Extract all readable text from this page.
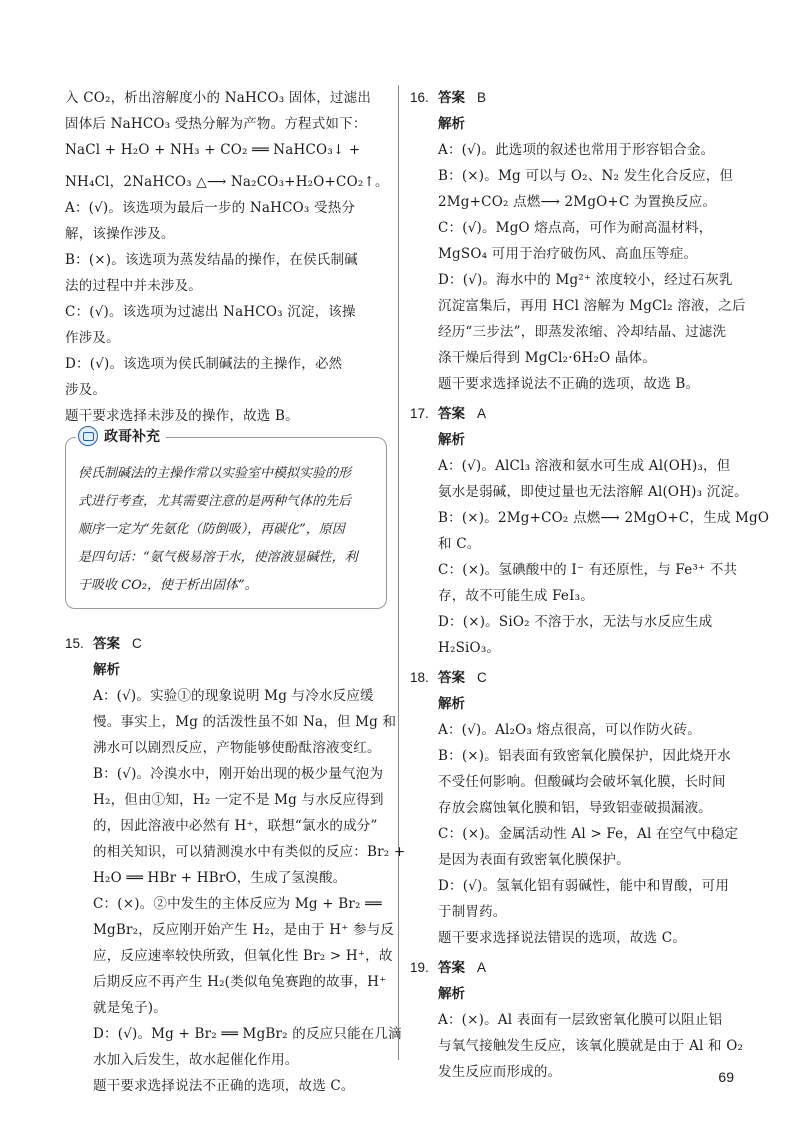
入 CO₂，析出溶解度小的 NaHCO₃ 固体，过滤出
固体后 NaHCO₃ 受热分解为产物。方程式如下：
NaCl + H₂O + NH₃ + CO₂ ══ NaHCO₃↓ +
NH₄Cl，2NaHCO₃ △⟶ Na₂CO₃+H₂O+CO₂↑。
A：(√)。该选项为最后一步的 NaHCO₃ 受热分
解，该操作涉及。
B：(×)。该选项为蒸发结晶的操作，在侯氏制碱
法的过程中并未涉及。
C：(√)。该选项为过滤出 NaHCO₃ 沉淀，该操
作涉及。
D：(√)。该选项为侯氏制碱法的主操作，必然
涉及。
题干要求选择未涉及的操作，故选 B。
政哥补充
侯氏制碱法的主操作常以实验室中模拟实验的形
式进行考查，尤其需要注意的是两种气体的先后
顺序一定为“先氨化（防倒吸），再碳化”，原因
是四句话：“氨气极易溶于水，使溶液显碱性，利
于吸收 CO₂，使于析出固体”。
15. 答案 C
解析
A：(√)。实验①的现象说明 Mg 与冷水反应缓
慢。事实上，Mg 的活泼性虽不如 Na，但 Mg 和
沸水可以剧烈反应，产物能够使酚酞溶液变红。
B：(√)。冷溴水中，刚开始出现的极少量气泡为
H₂，但由①知，H₂ 一定不是 Mg 与水反应得到
的，因此溶液中必然有 H⁺，联想“氯水的成分”
的相关知识，可以猜测溴水中有类似的反应：Br₂ +
H₂O ══ HBr + HBrO，生成了氢溴酸。
C：(×)。②中发生的主体反应为 Mg + Br₂ ══
MgBr₂，反应刚开始产生 H₂，是由于 H⁺ 参与反
应，反应速率较快所致，但氧化性 Br₂ > H⁺，故
后期反应不再产生 H₂(类似龟兔赛跑的故事，H⁺
就是兔子)。
D：(√)。Mg + Br₂ ══ MgBr₂ 的反应只能在几滴
水加入后发生，故水起催化作用。
题干要求选择说法不正确的选项，故选 C。
16. 答案 B
解析
A：(√)。此选项的叙述也常用于形容铝合金。
B：(×)。Mg 可以与 O₂、N₂ 发生化合反应，但
2Mg+CO₂ 点燃⟶ 2MgO+C 为置换反应。
C：(√)。MgO 熔点高，可作为耐高温材料，
MgSO₄ 可用于治疗破伤风、高血压等症。
D：(√)。海水中的 Mg²⁺ 浓度较小，经过石灰乳
沉淀富集后，再用 HCl 溶解为 MgCl₂ 溶液，之后
经历“三步法”，即蒸发浓缩、冷却结晶、过滤洗
涤干燥后得到 MgCl₂·6H₂O 晶体。
题干要求选择说法不正确的选项，故选 B。
17. 答案 A
解析
A：(√)。AlCl₃ 溶液和氨水可生成 Al(OH)₃，但
氨水是弱碱，即使过量也无法溶解 Al(OH)₃ 沉淀。
B：(×)。2Mg+CO₂ 点燃⟶ 2MgO+C，生成 MgO
和 C。
C：(×)。氢碘酸中的 I⁻ 有还原性，与 Fe³⁺ 不共
存，故不可能生成 FeI₃。
D：(×)。SiO₂ 不溶于水，无法与水反应生成
H₂SiO₃。
18. 答案 C
解析
A：(√)。Al₂O₃ 熔点很高，可以作防火砖。
B：(×)。铝表面有致密氧化膜保护，因此烧开水
不受任何影响。但酸碱均会破坏氧化膜，长时间
存放会腐蚀氧化膜和铝，导致铝壶破损漏液。
C：(×)。金属活动性 Al > Fe，Al 在空气中稳定
是因为表面有致密氧化膜保护。
D：(√)。氢氧化铝有弱碱性，能中和胃酸，可用
于制胃药。
题干要求选择说法错误的选项，故选 C。
19. 答案 A
解析
A：(×)。Al 表面有一层致密氧化膜可以阻止铝
与氧气接触发生反应，该氧化膜就是由于 Al 和 O₂
发生反应而形成的。	69
